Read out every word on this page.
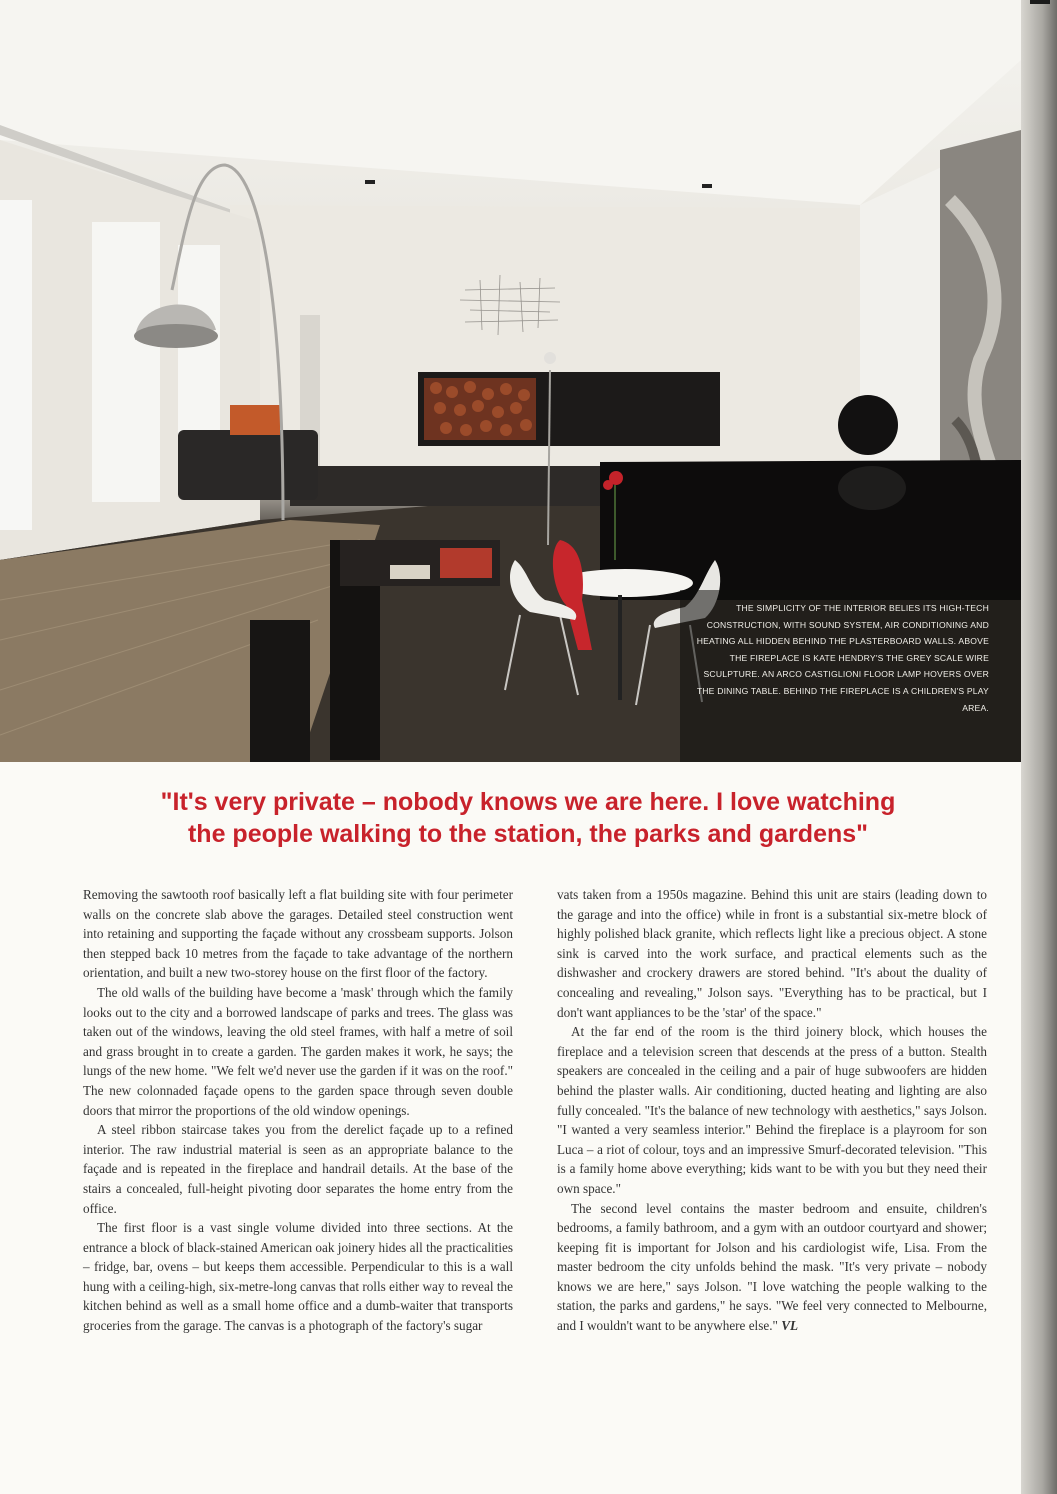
THE SIMPLICITY OF THE INTERIOR BELIES ITS HIGH-TECH CONSTRUCTION, WITH SOUND SYSTEM, AIR CONDITIONING AND HEATING ALL HIDDEN BEHIND THE PLASTERBOARD WALLS. ABOVE THE FIREPLACE IS KATE HENDRY'S THE GREY SCALE WIRE SCULPTURE. AN ARCO CASTIGLIONI FLOOR LAMP HOVERS OVER THE DINING TABLE. BEHIND THE FIREPLACE IS A CHILDREN'S PLAY AREA.
"It's very private – nobody knows we are here. I love watching
the people walking to the station, the parks and gardens"

Removing the sawtooth roof basically left a flat building site with four perimeter walls on the concrete slab above the garages. Detailed steel construction went into retaining and supporting the façade without any crossbeam supports. Jolson then stepped back 10 metres from the façade to take advantage of the northern orientation, and built a new two-storey house on the first floor of the factory.

The old walls of the building have become a 'mask' through which the family looks out to the city and a borrowed landscape of parks and trees. The glass was taken out of the windows, leaving the old steel frames, with half a metre of soil and grass brought in to create a garden. The garden makes it work, he says; the lungs of the new home. "We felt we'd never use the garden if it was on the roof." The new colonnaded façade opens to the garden space through seven double doors that mirror the proportions of the old window openings.

A steel ribbon staircase takes you from the derelict façade up to a refined interior. The raw industrial material is seen as an appropriate balance to the façade and is repeated in the fireplace and handrail details. At the base of the stairs a concealed, full-height pivoting door separates the home entry from the office.

The first floor is a vast single volume divided into three sections. At the entrance a block of black-stained American oak joinery hides all the practicalities – fridge, bar, ovens – but keeps them accessible. Perpendicular to this is a wall hung with a ceiling-high, six-metre-long canvas that rolls either way to reveal the kitchen behind as well as a small home office and a dumb-waiter that transports groceries from the garage. The canvas is a photograph of the factory's sugar

vats taken from a 1950s magazine. Behind this unit are stairs (leading down to the garage and into the office) while in front is a substantial six-metre block of highly polished black granite, which reflects light like a precious object. A stone sink is carved into the work surface, and practical elements such as the dishwasher and crockery drawers are stored behind. "It's about the duality of concealing and revealing," Jolson says. "Everything has to be practical, but I don't want appliances to be the 'star' of the space."

At the far end of the room is the third joinery block, which houses the fireplace and a television screen that descends at the press of a button. Stealth speakers are concealed in the ceiling and a pair of huge subwoofers are hidden behind the plaster walls. Air conditioning, ducted heating and lighting are also fully concealed. "It's the balance of new technology with aesthetics," says Jolson. "I wanted a very seamless interior." Behind the fireplace is a playroom for son Luca – a riot of colour, toys and an impressive Smurf-decorated television. "This is a family home above everything; kids want to be with you but they need their own space."

The second level contains the master bedroom and ensuite, children's bedrooms, a family bathroom, and a gym with an outdoor courtyard and shower; keeping fit is important for Jolson and his cardiologist wife, Lisa. From the master bedroom the city unfolds behind the mask. "It's very private – nobody knows we are here," says Jolson. "I love watching the people walking to the station, the parks and gardens," he says. "We feel very connected to Melbourne, and I wouldn't want to be anywhere else." VL
